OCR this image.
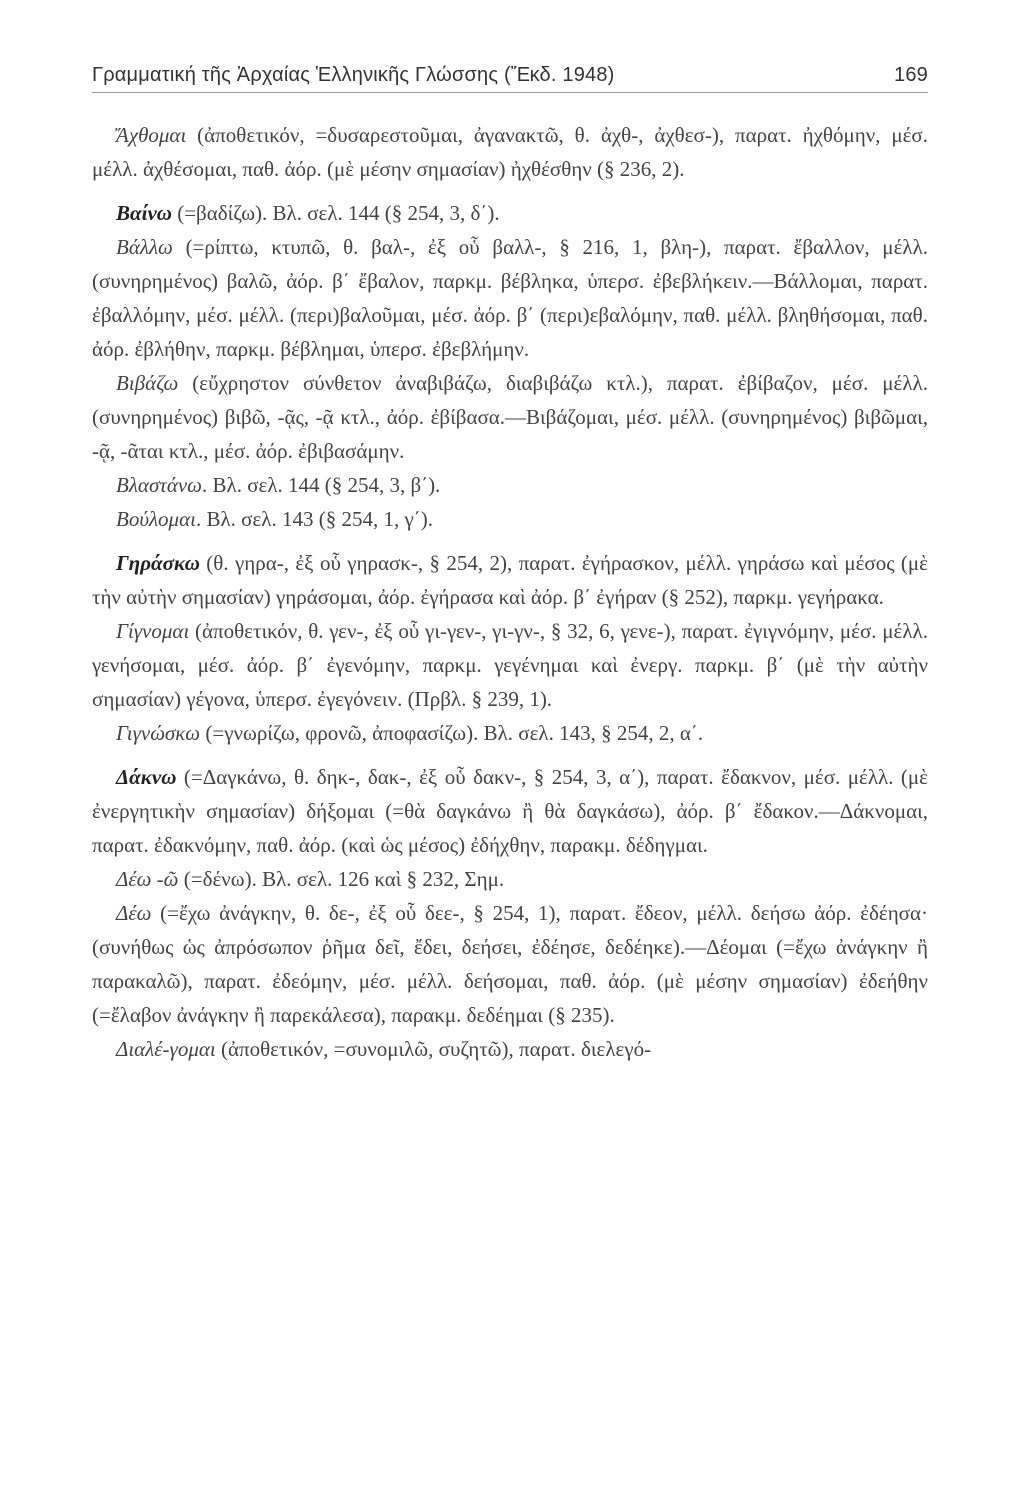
Γραμματική τῆς Ἀρχαίας Ἑλληνικῆς Γλώσσης (Ἔκδ. 1948)	169

Ἄχθομαι (ἀποθετικόν, =δυσαρεστοῦμαι, ἀγανακτῶ, θ. ἀχθ-, ἀχθεσ-), παρατ. ἠχθόμην, μέσ. μέλλ. ἀχθέσομαι, παθ. ἀόρ. (μὲ μέσην σημασίαν) ἠχθέσθην (§ 236, 2).

Βαίνω (=βαδίζω). Βλ. σελ. 144 (§ 254, 3, δ΄).

Βάλλω (=ρίπτω, κτυπῶ, θ. βαλ-, ἐξ οὗ βαλλ-, § 216, 1, βλη-), παρατ. ἔβαλλον, μέλλ. (συνηρημένος) βαλῶ, ἀόρ. β΄ ἔβαλον, παρκμ. βέβληκα, ὑπερσ. ἐβεβλήκειν.—Βάλλομαι, παρατ. ἐβαλλόμην, μέσ. μέλλ. (περι)βαλοῦμαι, μέσ. ἀόρ. β΄ (περι)εβαλόμην, παθ. μέλλ. βληθήσομαι, παθ. ἀόρ. ἐβλήθην, παρκμ. βέβλημαι, ὑπερσ. ἐβεβλήμην.

Βιβάζω (εὔχρηστον σύνθετον ἀναβιβάζω, διαβιβάζω κτλ.), παρατ. ἐβίβαζον, μέσ. μέλλ. (συνηρημένος) βιβῶ, -ᾷς, -ᾷ κτλ., ἀόρ. ἐβίβασα.—Βιβάζομαι, μέσ. μέλλ. (συνηρημένος) βιβῶμαι, -ᾷ, -ᾶται κτλ., μέσ. ἀόρ. ἐβιβασάμην.

Βλαστάνω. Βλ. σελ. 144 (§ 254, 3, β΄).

Βούλομαι. Βλ. σελ. 143 (§ 254, 1, γ΄).

Γηράσκω (θ. γηρα-, ἐξ οὗ γηρασκ-, § 254, 2), παρατ. ἐγήρασκον, μέλλ. γηράσω καὶ μέσος (μὲ τὴν αὐτὴν σημασίαν) γηράσομαι, ἀόρ. ἐγήρασα καὶ ἀόρ. β΄ ἐγήραν (§ 252), παρκμ. γεγήρακα.

Γίγνομαι (ἀποθετικόν, θ. γεν-, ἐξ οὗ γι-γεν-, γι-γν-, § 32, 6, γενε-), παρατ. ἐγιγνόμην, μέσ. μέλλ. γενήσομαι, μέσ. ἀόρ. β΄ ἐγενόμην, παρκμ. γεγένημαι καὶ ἐνεργ. παρκμ. β΄ (μὲ τὴν αὐτὴν σημασίαν) γέγονα, ὑπερσ. ἐγεγόνειν. (Πρβλ. § 239, 1).

Γιγνώσκω (=γνωρίζω, φρονῶ, ἀποφασίζω). Βλ. σελ. 143, § 254, 2, α΄.

Δάκνω (=Δαγκάνω, θ. δηκ-, δακ-, ἐξ οὗ δακν-, § 254, 3, α΄), παρατ. ἔδακνον, μέσ. μέλλ. (μὲ ἐνεργητικὴν σημασίαν) δήξομαι (=θὰ δαγκάνω ἢ θὰ δαγκάσω), ἀόρ. β΄ ἔδακον.—Δάκνομαι, παρατ. ἐδακνόμην, παθ. ἀόρ. (καὶ ὡς μέσος) ἐδήχθην, παρακμ. δέδηγμαι.

Δέω -ῶ (=δένω). Βλ. σελ. 126 καὶ § 232, Σημ.

Δέω (=ἔχω ἀνάγκην, θ. δε-, ἐξ οὗ δεε-, § 254, 1), παρατ. ἔδεον, μέλλ. δεήσω ἀόρ. ἐδέησα· (συνήθως ὡς ἀπρόσωπον ῥῆμα δεῖ, ἔδει, δεήσει, ἐδέησε, δεδέηκε).—Δέομαι (=ἔχω ἀνάγκην ἢ παρακαλῶ), παρατ. ἐδεόμην, μέσ. μέλλ. δεήσομαι, παθ. ἀόρ. (μὲ μέσην σημασίαν) ἐδεήθην (=ἔλαβον ἀνάγκην ἢ παρεκάλεσα), παρακμ. δεδέημαι (§ 235).

Διαλέ-γομαι (ἀποθετικόν, =συνομιλῶ, συζητῶ), παρατ. διελεγό-
